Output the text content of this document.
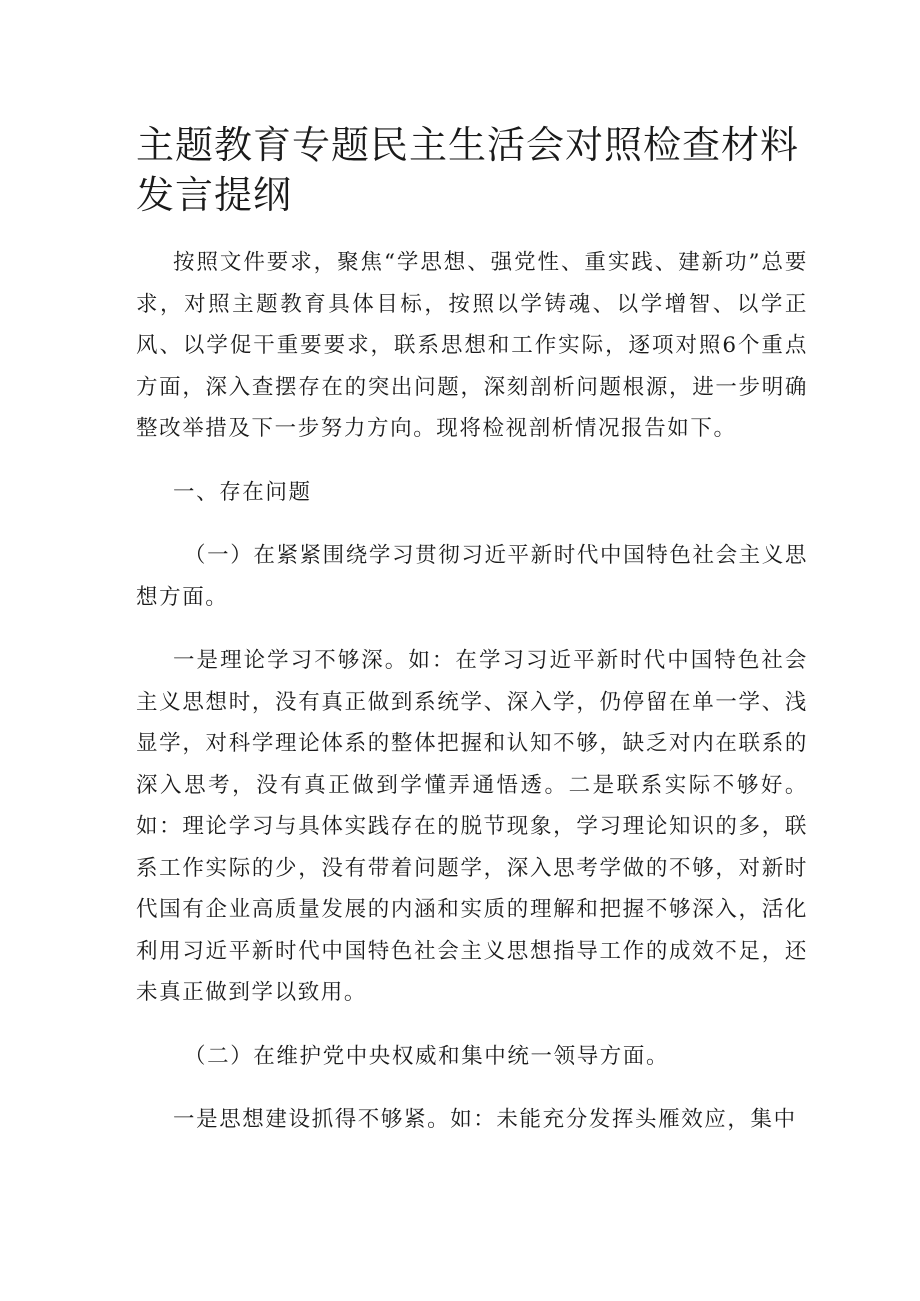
主题教育专题民主生活会对照检查材料发言提纲

按照文件要求，聚焦“学思想、强党性、重实践、建新功”总要求，对照主题教育具体目标，按照以学铸魂、以学增智、以学正风、以学促干重要要求，联系思想和工作实际，逐项对照6个重点方面，深入查摆存在的突出问题，深刻剖析问题根源，进一步明确整改举措及下一步努力方向。现将检视剖析情况报告如下。

一、存在问题

（一）在紧紧围绕学习贯彻习近平新时代中国特色社会主义思想方面。

一是理论学习不够深。如：在学习习近平新时代中国特色社会主义思想时，没有真正做到系统学、深入学，仍停留在单一学、浅显学，对科学理论体系的整体把握和认知不够，缺乏对内在联系的深入思考，没有真正做到学懂弄通悟透。二是联系实际不够好。如：理论学习与具体实践存在的脱节现象，学习理论知识的多，联系工作实际的少，没有带着问题学，深入思考学做的不够，对新时代国有企业高质量发展的内涵和实质的理解和把握不够深入，活化利用习近平新时代中国特色社会主义思想指导工作的成效不足，还未真正做到学以致用。

（二）在维护党中央权威和集中统一领导方面。

一是思想建设抓得不够紧。如：未能充分发挥头雁效应，集中
